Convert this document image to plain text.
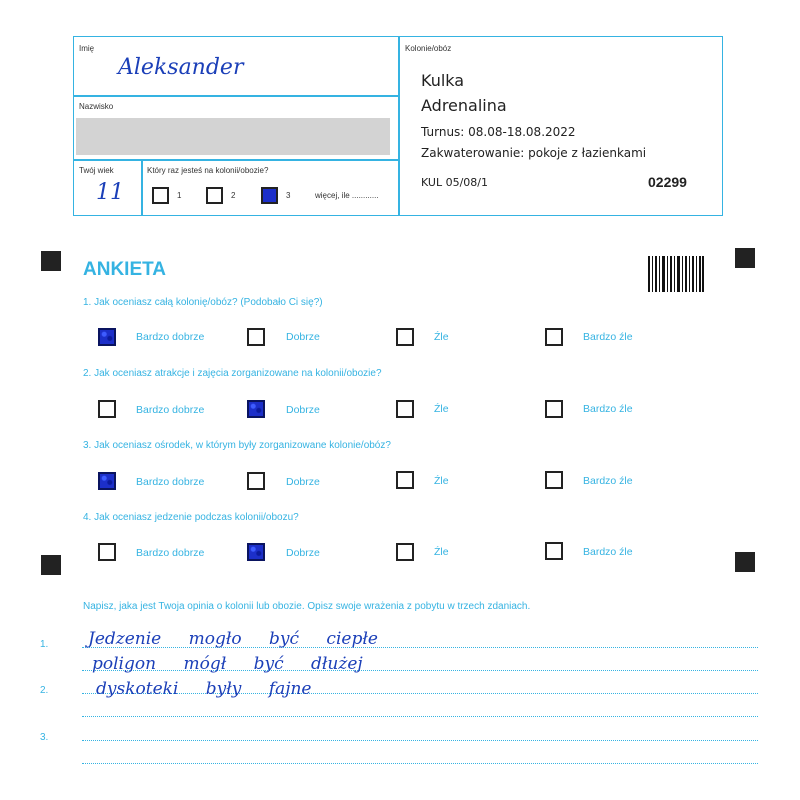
Imię
Aleksander
Nazwisko
Twój wiek
11
Który raz jesteś na kolonii/obozie?
1	2	3	więcej, ile ............
Kolonie/obóz
Kulka
Adrenalina
Turnus: 08.08-18.08.2022
Zakwaterowanie: pokoje z łazienkami
KUL 05/08/1	02299
ANKIETA
1. Jak oceniasz całą kolonię/obóz? (Podobało Ci się?)
Bardzo dobrze	Dobrze	Źle	Bardzo źle
2. Jak oceniasz atrakcje i zajęcia zorganizowane na kolonii/obozie?
Bardzo dobrze	Dobrze	Źle	Bardzo źle
3. Jak oceniasz ośrodek, w którym były zorganizowane kolonie/obóz?
Bardzo dobrze	Dobrze	Źle	Bardzo źle
4. Jak oceniasz jedzenie podczas kolonii/obozu?
Bardzo dobrze	Dobrze	Źle	Bardzo źle
Napisz, jaka jest Twoja opinia o kolonii lub obozie. Opisz swoje wrażenia z pobytu w trzech zdaniach.
1.
2.
3.
Jedzenie mogło być ciepłe
poligon mógł być dłużej
dyskoteki były fajne
